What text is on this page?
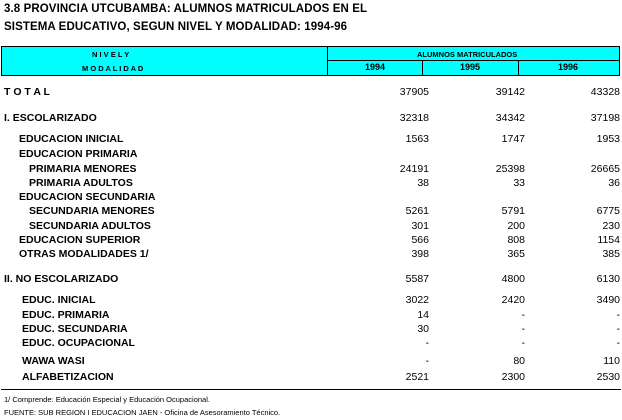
3.8 PROVINCIA UTCUBAMBA: ALUMNOS MATRICULADOS EN EL
SISTEMA EDUCATIVO, SEGUN NIVEL Y MODALIDAD: 1994-96
N I V E L Y
M O D A L I D A D
ALUMNOS MATRICULADOS
1994	1995	1996
T O T A L	37905	39142	43328
I. ESCOLARIZADO	32318	34342	37198
EDUCACION INICIAL	1563	1747	1953
EDUCACION PRIMARIA
PRIMARIA MENORES	24191	25398	26665
PRIMARIA ADULTOS	38	33	36
EDUCACION SECUNDARIA
SECUNDARIA MENORES	5261	5791	6775
SECUNDARIA ADULTOS	301	200	230
EDUCACION SUPERIOR	566	808	1154
OTRAS MODALIDADES 1/	398	365	385
II. NO ESCOLARIZADO	5587	4800	6130
EDUC. INICIAL	3022	2420	3490
EDUC. PRIMARIA	14	-	-
EDUC. SECUNDARIA	30	-	-
EDUC. OCUPACIONAL	-	-	-
WAWA WASI	-	80	110
ALFABETIZACION	2521	2300	2530
1/ Comprende: Educación Especial y Educación Ocupacional.
FUENTE: SUB REGION I EDUCACION JAEN - Oficina de Asesoramiento Técnico.
